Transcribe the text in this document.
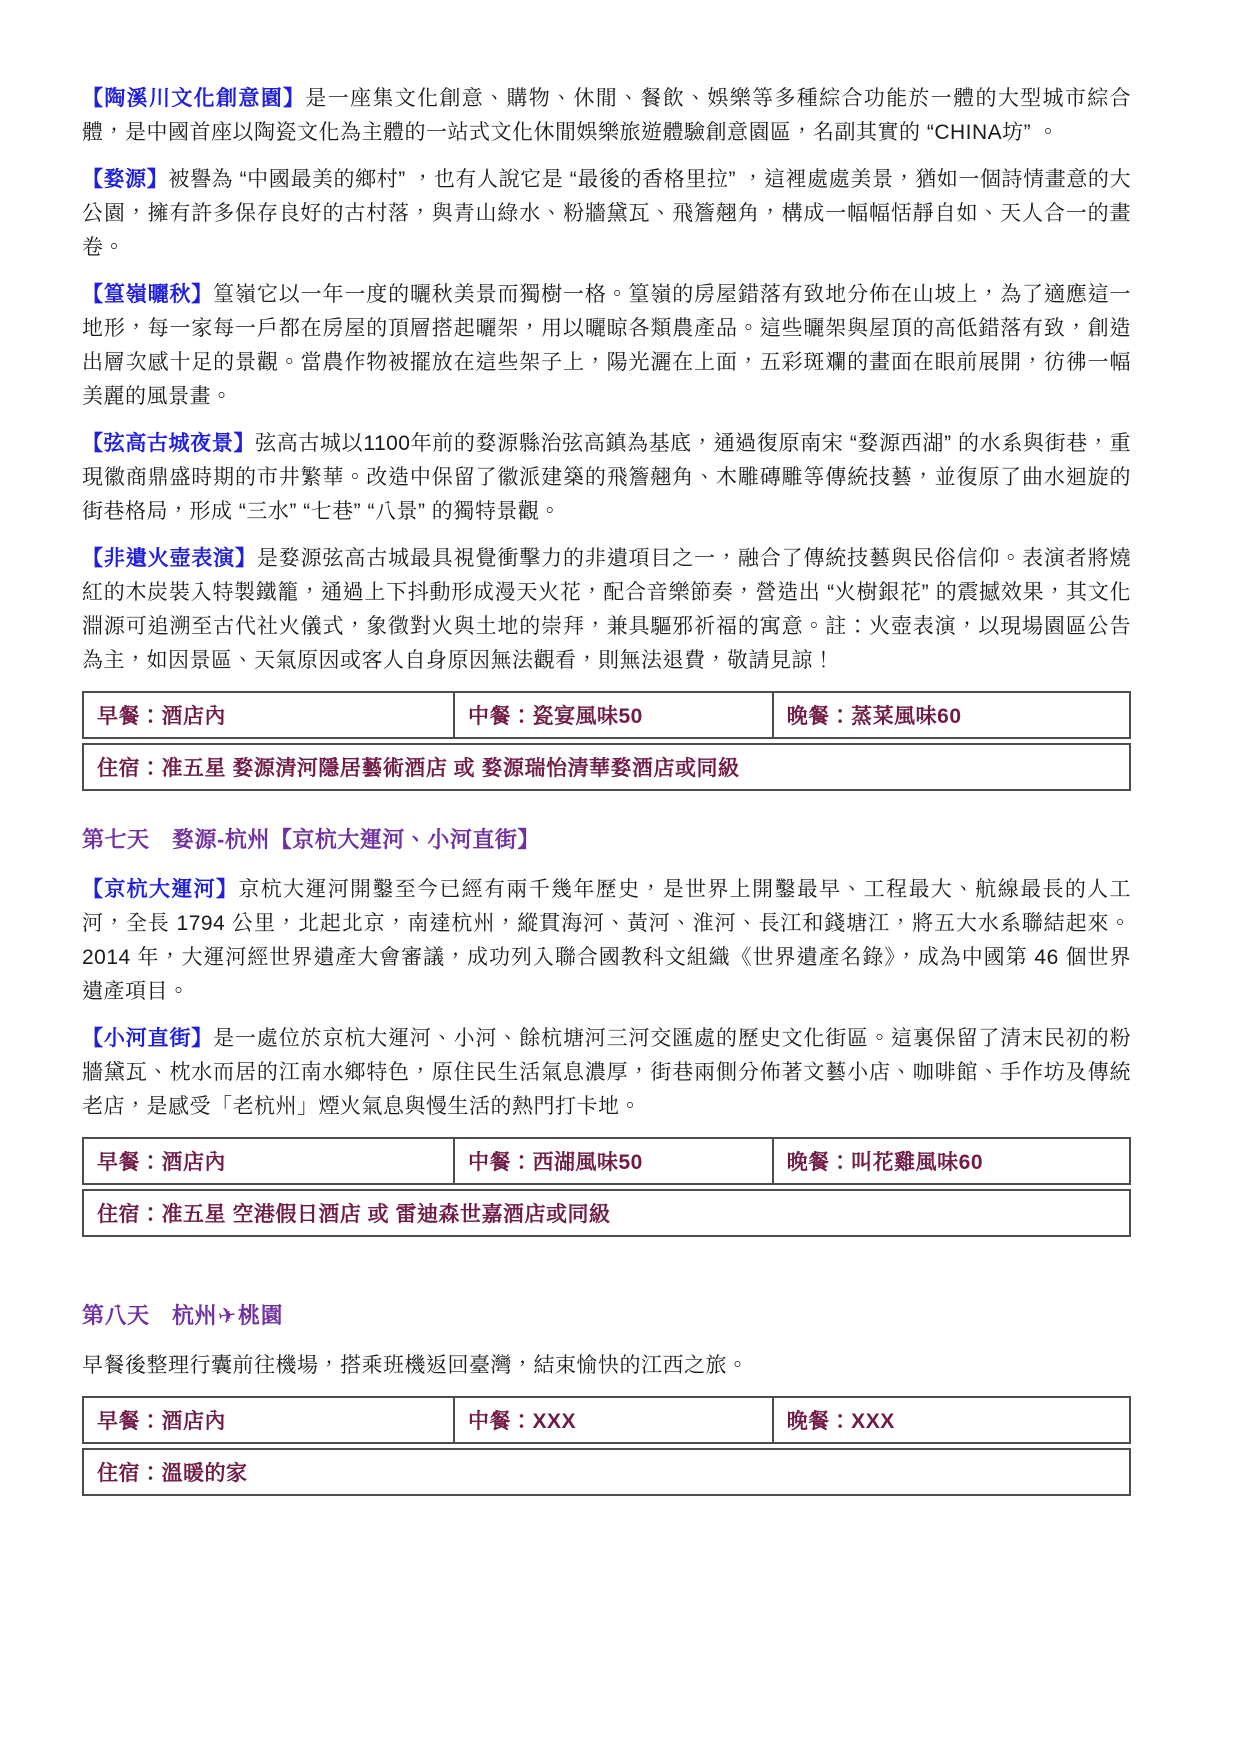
【陶溪川文化創意園】是一座集文化創意、購物、休閒、餐飲、娛樂等多種綜合功能於一體的大型城市綜合體，是中國首座以陶瓷文化為主體的一站式文化休閒娛樂旅遊體驗創意園區，名副其實的 “CHINA坊” 。

【婺源】被譽為 “中國最美的鄉村” ，也有人說它是 “最後的香格里拉” ，這裡處處美景，猶如一個詩情畫意的大公園，擁有許多保存良好的古村落，與青山綠水、粉牆黛瓦、飛簷翹角，構成一幅幅恬靜自如、天人合一的畫卷。

【篁嶺曬秋】篁嶺它以一年一度的曬秋美景而獨樹一格。篁嶺的房屋錯落有致地分佈在山坡上，為了適應這一地形，每一家每一戶都在房屋的頂層搭起曬架，用以曬晾各類農產品。這些曬架與屋頂的高低錯落有致，創造出層次感十足的景觀。當農作物被擺放在這些架子上，陽光灑在上面，五彩斑斕的畫面在眼前展開，彷彿一幅美麗的風景畫。

【弦高古城夜景】弦高古城以1100年前的婺源縣治弦高鎮為基底，通過復原南宋 “婺源西湖” 的水系與街巷，重現徽商鼎盛時期的市井繁華。改造中保留了徽派建築的飛簷翹角、木雕磚雕等傳統技藝，並復原了曲水迴旋的街巷格局，形成 “三水” “七巷” “八景” 的獨特景觀。

【非遺火壺表演】是婺源弦高古城最具視覺衝擊力的非遺項目之一，融合了傳統技藝與民俗信仰。表演者將燒紅的木炭裝入特製鐵籠，通過上下抖動形成漫天火花，配合音樂節奏，營造出 “火樹銀花” 的震撼效果，其文化淵源可追溯至古代社火儀式，象徵對火與土地的崇拜，兼具驅邪祈福的寓意。註：火壺表演，以現場園區公告為主，如因景區、天氣原因或客人自身原因無法觀看，則無法退費，敬請見諒！

早餐：酒店內	中餐：瓷宴風味50	晚餐：蒸菜風味60
住宿：准五星 婺源清河隱居藝術酒店 或 婺源瑞怡清華婺酒店或同級
第七天　婺源-杭州【京杭大運河、小河直街】

【京杭大運河】京杭大運河開鑿至今已經有兩千幾年歷史，是世界上開鑿最早、工程最大、航線最長的人工河，全長 1794 公里，北起北京，南達杭州，縱貫海河、黃河、淮河、長江和錢塘江，將五大水系聯結起來。2014 年，大運河經世界遺產大會審議，成功列入聯合國教科文組織《世界遺產名錄》，成為中國第 46 個世界遺產項目。

【小河直街】是一處位於京杭大運河、小河、餘杭塘河三河交匯處的歷史文化街區。這裏保留了清末民初的粉牆黛瓦、枕水而居的江南水鄉特色，原住民生活氣息濃厚，街巷兩側分佈著文藝小店、咖啡館、手作坊及傳統老店，是感受「老杭州」煙火氣息與慢生活的熱門打卡地。

早餐：酒店內	中餐：西湖風味50	晚餐：叫花雞風味60
住宿：准五星 空港假日酒店 或 雷迪森世嘉酒店或同級
第八天　杭州✈桃園

早餐後整理行囊前往機場，搭乘班機返回臺灣，結束愉快的江西之旅。

早餐：酒店內	中餐：XXX	晚餐：XXX
住宿：溫暖的家
